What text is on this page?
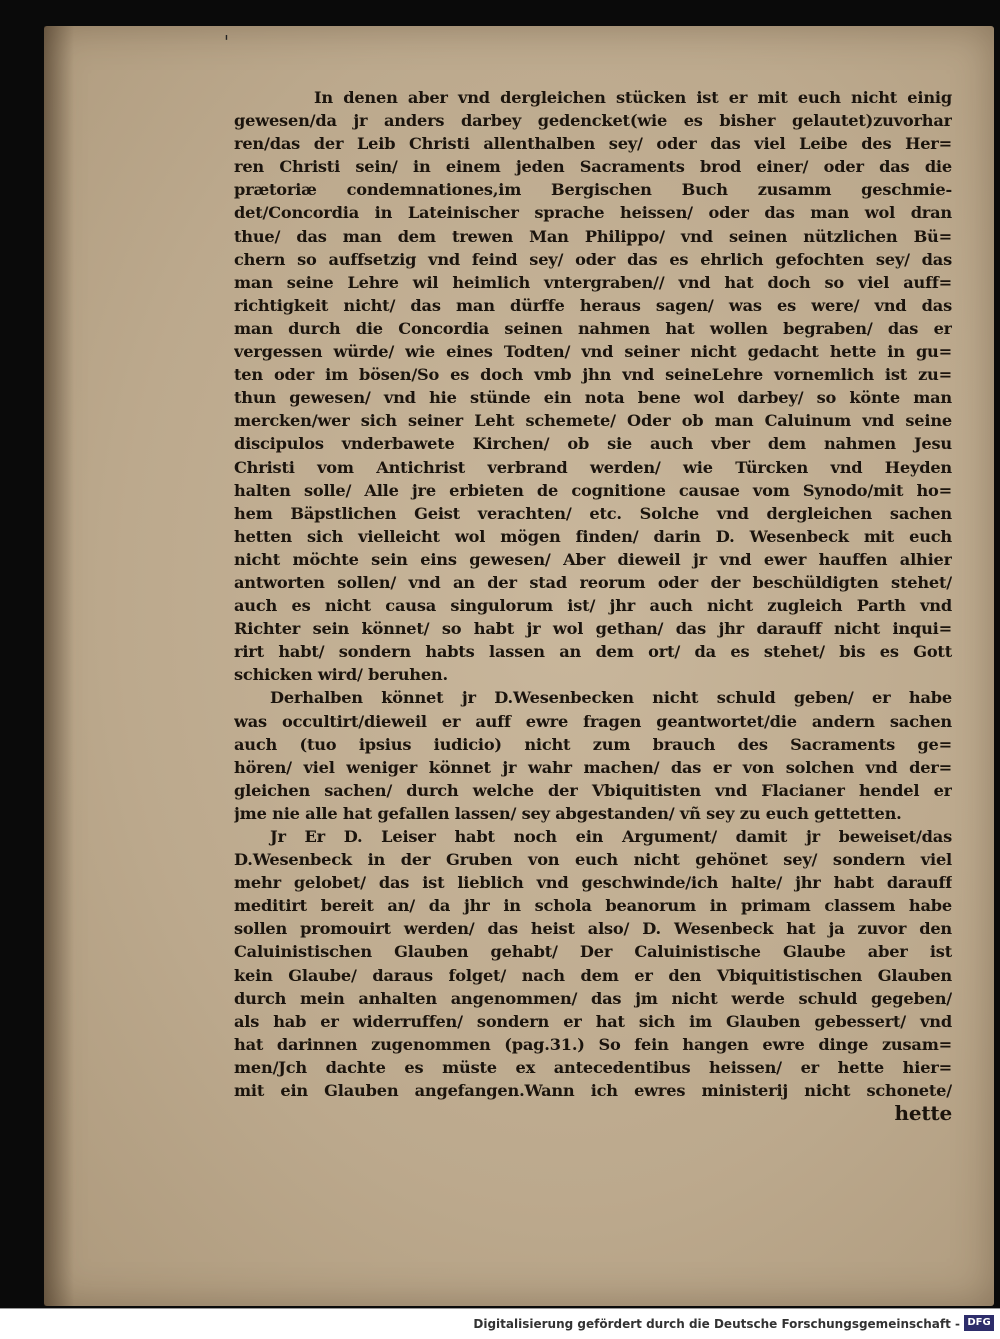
'
In denen aber vnd dergleichen stücken ist er mit euch nicht einig
gewesen/da jr anders darbey gedencket(wie es bisher gelautet)zuvorhar
ren/das der Leib Christi allenthalben sey/ oder das viel Leibe des Her=
ren Christi sein/ in einem jeden Sacraments brod einer/ oder das die
prætoriæ condemnationes,im Bergischen Buch zusamm geschmie-
det/Concordia in Lateinischer sprache heissen/ oder das man wol dran
thue/ das man dem trewen Man Philippo/ vnd seinen nützlichen Bü=
chern so auffsetzig vnd feind sey/ oder das es ehrlich gefochten sey/ das
man seine Lehre wil heimlich vntergraben// vnd hat doch so viel auff=
richtigkeit nicht/ das man dürffe heraus sagen/ was es were/ vnd das
man durch die Concordia seinen nahmen hat wollen begraben/ das er
vergessen würde/ wie eines Todten/ vnd seiner nicht gedacht hette in gu=
ten oder im bösen/So es doch vmb jhn vnd seineLehre vornemlich ist zu=
thun gewesen/ vnd hie stünde ein nota bene wol darbey/ so könte man
mercken/wer sich seiner Leht schemete/ Oder ob man Caluinum vnd seine
discipulos vnderbawete Kirchen/ ob sie auch vber dem nahmen Jesu
Christi vom Antichrist verbrand werden/ wie Türcken vnd Heyden
halten solle/ Alle jre erbieten de cognitione causae vom Synodo/mit ho=
hem Bäpstlichen Geist verachten/ etc. Solche vnd dergleichen sachen
hetten sich vielleicht wol mögen finden/ darin D. Wesenbeck mit euch
nicht möchte sein eins gewesen/ Aber dieweil jr vnd ewer hauffen alhier
antworten sollen/ vnd an der stad reorum oder der beschüldigten stehet/
auch es nicht causa singulorum ist/ jhr auch nicht zugleich Parth vnd
Richter sein könnet/ so habt jr wol gethan/ das jhr darauff nicht inqui=
rirt habt/ sondern habts lassen an dem ort/ da es stehet/ bis es Gott
schicken wird/ beruhen.
Derhalben könnet jr D.Wesenbecken nicht schuld geben/ er habe
was occultirt/dieweil er auff ewre fragen geantwortet/die andern sachen
auch (tuo ipsius iudicio) nicht zum brauch des Sacraments ge=
hören/ viel weniger könnet jr wahr machen/ das er von solchen vnd der=
gleichen sachen/ durch welche der Vbiquitisten vnd Flacianer hendel er
jme nie alle hat gefallen lassen/ sey abgestanden/ vñ sey zu euch gettetten.
Jr Er D. Leiser habt noch ein Argument/ damit jr beweiset/das
D.Wesenbeck in der Gruben von euch nicht gehönet sey/ sondern viel
mehr gelobet/ das ist lieblich vnd geschwinde/ich halte/ jhr habt darauff
meditirt bereit an/ da jhr in schola beanorum in primam classem habe
sollen promouirt werden/ das heist also/ D. Wesenbeck hat ja zuvor den
Caluinistischen Glauben gehabt/ Der Caluinistische Glaube aber ist
kein Glaube/ daraus folget/ nach dem er den Vbiquitistischen Glauben
durch mein anhalten angenommen/ das jm nicht werde schuld gegeben/
als hab er widerruffen/ sondern er hat sich im Glauben gebessert/ vnd
hat darinnen zugenommen (pag.31.) So fein hangen ewre dinge zusam=
men/Jch dachte es müste ex antecedentibus heissen/ er hette hier=
mit ein Glauben angefangen.Wann ich ewres ministerij nicht schonete/
hette
Digitalisierung gefördert durch die Deutsche Forschungsgemeinschaft - DFG
